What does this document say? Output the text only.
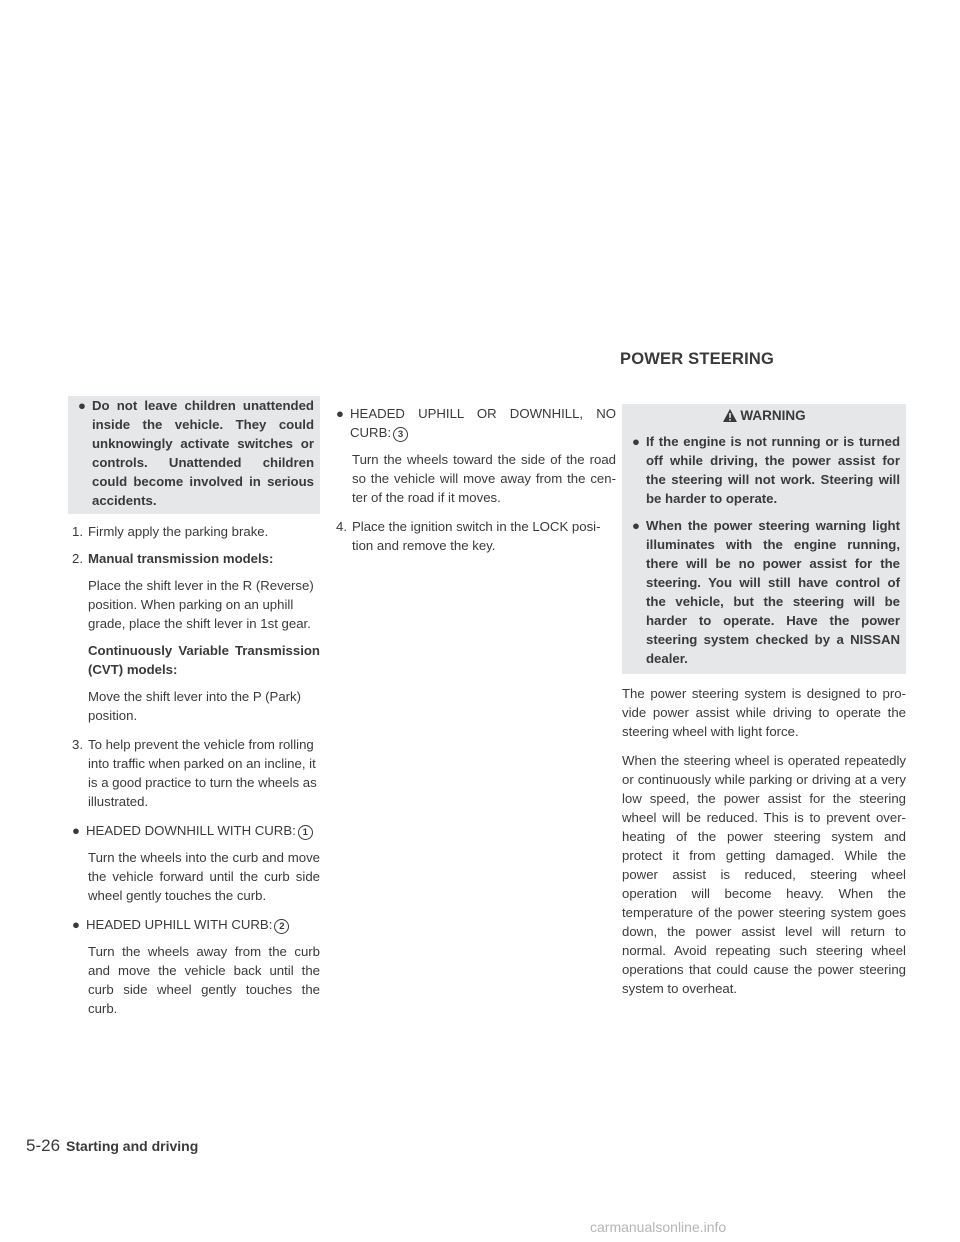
POWER STEERING

● Do not leave children unattended inside the vehicle. They could unknowingly activate switches or controls. Unattended children could become involved in serious accidents.

1. Firmly apply the parking brake.
2. Manual transmission models:

Place the shift lever in the R (Reverse) position. When parking on an uphill grade, place the shift lever in 1st gear.

Continuously Variable Transmission (CVT) models:

Move the shift lever into the P (Park) position.

3. To help prevent the vehicle from rolling into traffic when parked on an incline, it is a good practice to turn the wheels as illustrated.

● HEADED DOWNHILL WITH CURB: 1

Turn the wheels into the curb and move the vehicle forward until the curb side wheel gently touches the curb.

● HEADED UPHILL WITH CURB: 2

Turn the wheels away from the curb and move the vehicle back until the curb side wheel gently touches the curb.

● HEADED UPHILL OR DOWNHILL, NO CURB: 3

Turn the wheels toward the side of the road so the vehicle will move away from the center of the road if it moves.

4. Place the ignition switch in the LOCK position and remove the key.
WARNING

● If the engine is not running or is turned off while driving, the power assist for the steering will not work. Steering will be harder to operate.

● When the power steering warning light illuminates with the engine running, there will be no power assist for the steering. You will still have control of the vehicle, but the steering will be harder to operate. Have the power steering system checked by a NISSAN dealer.

The power steering system is designed to provide power assist while driving to operate the steering wheel with light force.

When the steering wheel is operated repeatedly or continuously while parking or driving at a very low speed, the power assist for the steering wheel will be reduced. This is to prevent overheating of the power steering system and protect it from getting damaged. While the power assist is reduced, steering wheel operation will become heavy. When the temperature of the power steering system goes down, the power assist level will return to normal. Avoid repeating such steering wheel operations that could cause the power steering system to overheat.

5-26 Starting and driving
carmanualsonline.info
